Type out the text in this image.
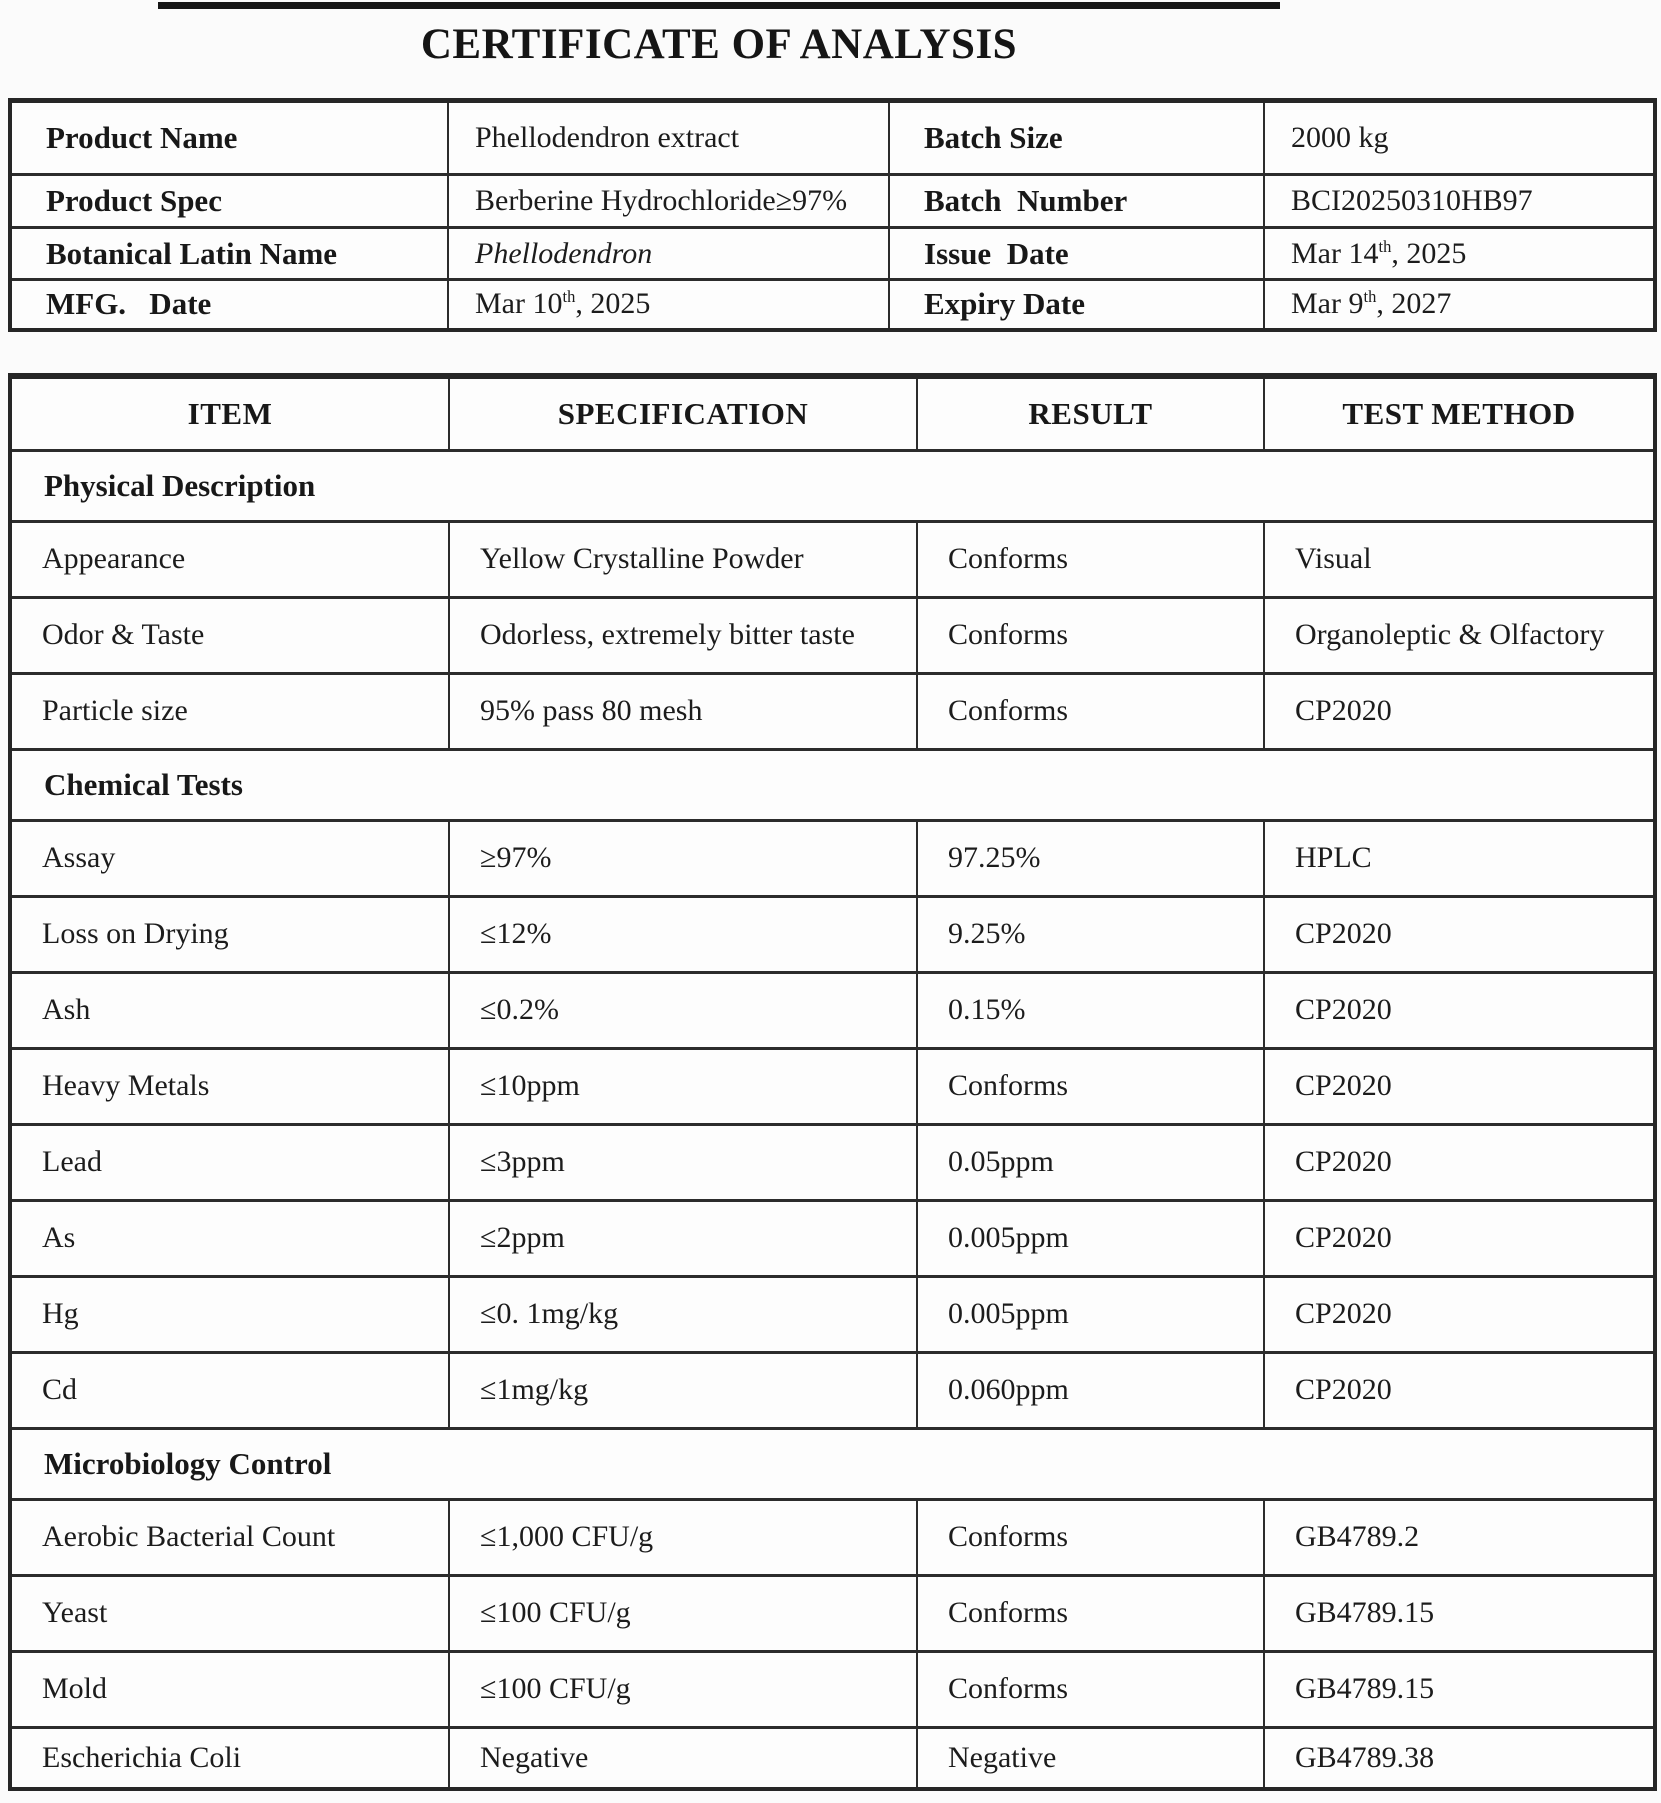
CERTIFICATE OF ANALYSIS
Product Name	Phellodendron extract	Batch Size	2000 kg
Product Spec	Berberine Hydrochloride≥97%	Batch  Number	BCI20250310HB97
Botanical Latin Name	Phellodendron	Issue  Date	Mar 14th, 2025
MFG.   Date	Mar 10th, 2025	Expiry Date	Mar 9th, 2027
ITEM	SPECIFICATION	RESULT	TEST METHOD
Physical Description			
Appearance	Yellow Crystalline Powder	Conforms	Visual
Odor & Taste	Odorless, extremely bitter taste	Conforms	Organoleptic & Olfactory
Particle size	95% pass 80 mesh	Conforms	CP2020
Chemical Tests			
Assay	≥97%	97.25%	HPLC
Loss on Drying	≤12%	9.25%	CP2020
Ash	≤0.2%	0.15%	CP2020
Heavy Metals	≤10ppm	Conforms	CP2020
Lead	≤3ppm	0.05ppm	CP2020
As	≤2ppm	0.005ppm	CP2020
Hg	≤0. 1mg/kg	0.005ppm	CP2020
Cd	≤1mg/kg	0.060ppm	CP2020
Microbiology Control			
Aerobic Bacterial Count	≤1,000 CFU/g	Conforms	GB4789.2
Yeast	≤100 CFU/g	Conforms	GB4789.15
Mold	≤100 CFU/g	Conforms	GB4789.15
Escherichia Coli	Negative	Negative	GB4789.38
